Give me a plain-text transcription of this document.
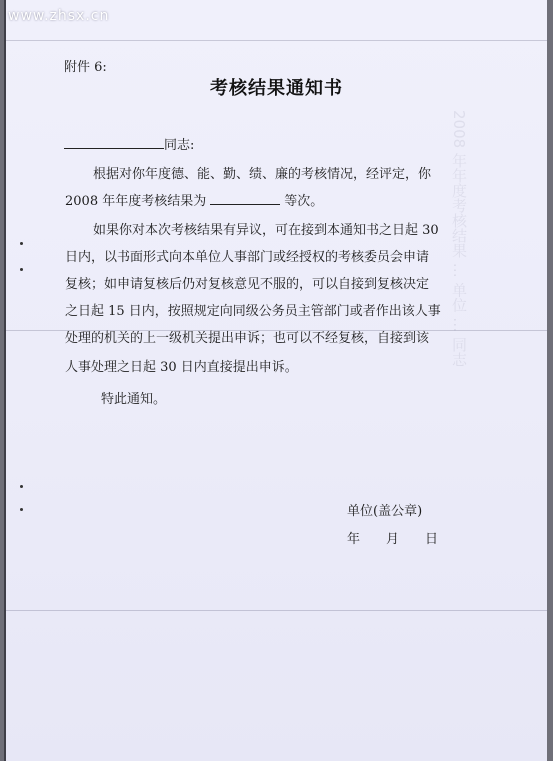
www.zhsx.cn
2008 年年度考核结果 … 单位 … 同志
附件 6:
考核结果通知书
同志:
根据对你年度德、能、勤、绩、廉的考核情况，经评定，你
2008 年年度考核结果为	等次。
如果你对本次考核结果有异议，可在接到本通知书之日起 30
日内，以书面形式向本单位人事部门或经授权的考核委员会申请
复核；如申请复核后仍对复核意见不服的，可以自接到复核决定
之日起 15 日内，按照规定向同级公务员主管部门或者作出该人事
处理的机关的上一级机关提出申诉；也可以不经复核，自接到该
人事处理之日起 30 日内直接提出申诉。
特此通知。
单位(盖公章)
年　　月　　日
